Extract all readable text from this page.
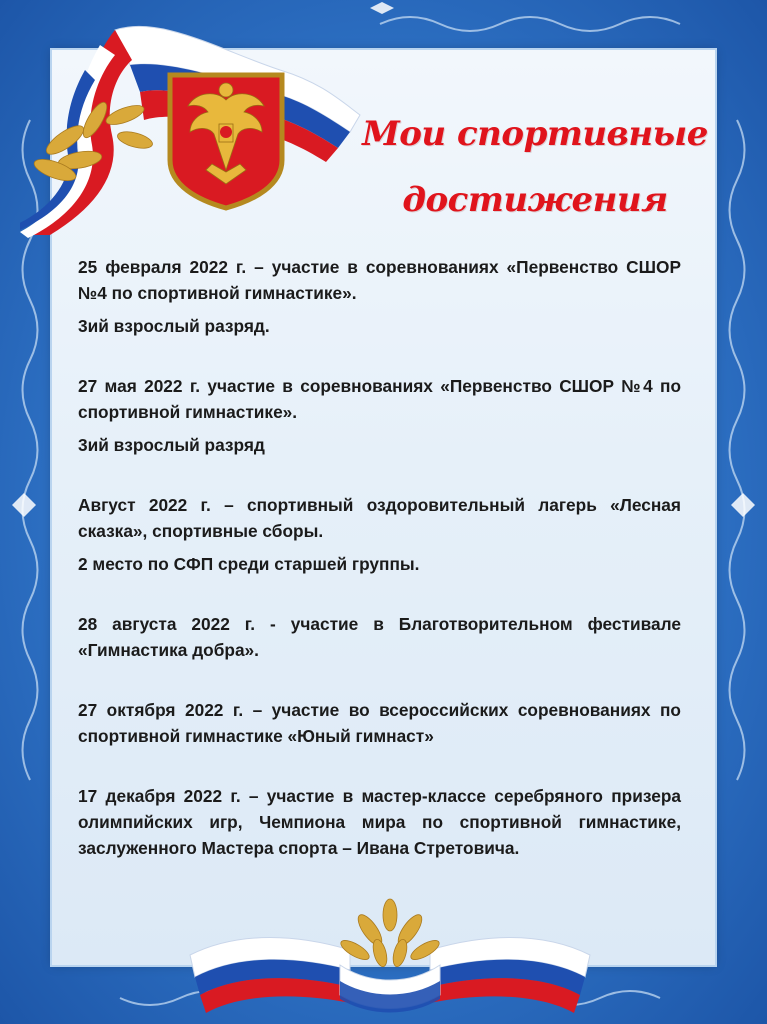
Мои спортивные
достижения

25 февраля 2022 г. – участие в соревнованиях «Первенство СШОР №4 по спортивной гимнастике».

3ий взрослый разряд.

27 мая 2022 г. участие в соревнованиях «Первенство СШОР №4 по спортивной гимнастике».

3ий взрослый разряд

Август 2022 г. – спортивный оздоровительный лагерь «Лесная сказка», спортивные сборы.

2 место по СФП среди старшей группы.

28 августа 2022 г. - участие в Благотворительном фестивале «Гимнастика добра».

27 октября 2022 г. – участие во всероссийских соревнованиях по спортивной гимнастике «Юный гимнаст»

17 декабря 2022 г. – участие в мастер-классе серебряного призера олимпийских игр, Чемпиона мира по спортивной гимнастике, заслуженного Мастера спорта – Ивана Стретовича.
